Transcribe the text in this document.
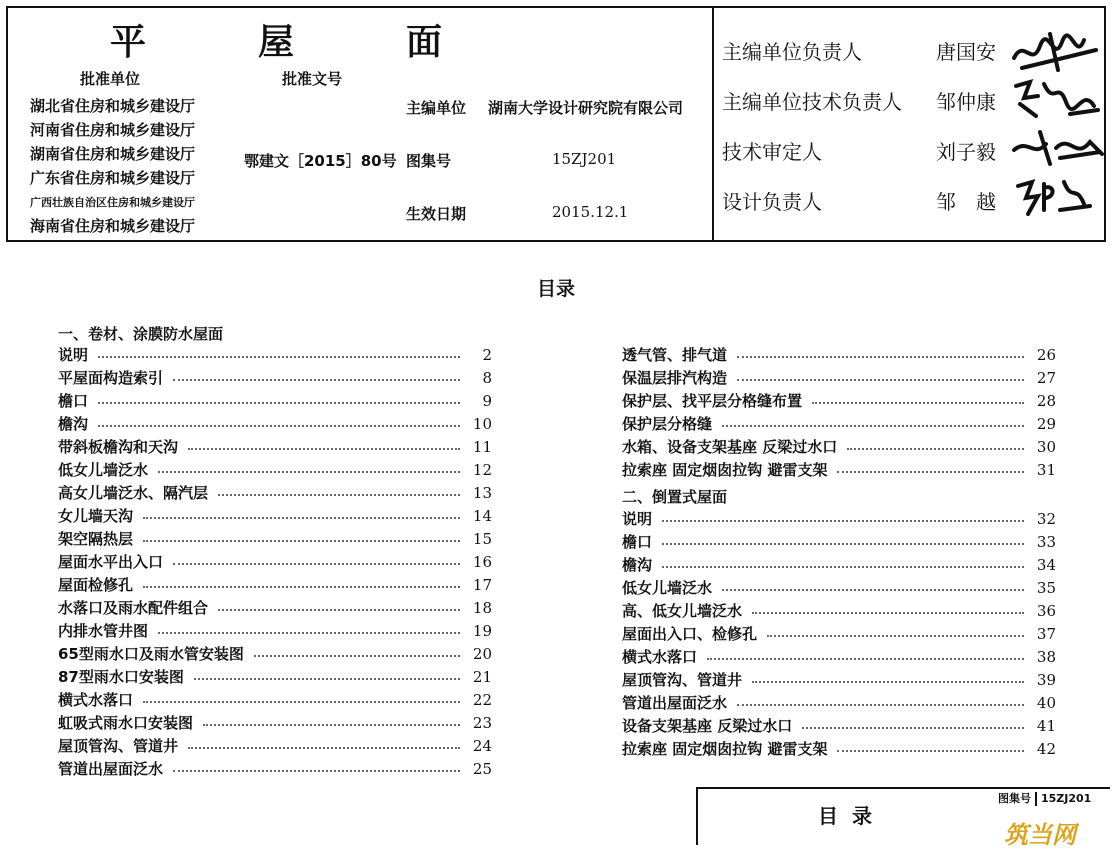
平	屋	面
批准单位	批准文号
湖北省住房和城乡建设厅
河南省住房和城乡建设厅
湖南省住房和城乡建设厅
广东省住房和城乡建设厅
广西壮族自治区住房和城乡建设厅
海南省住房和城乡建设厅
鄂建文［2015］80号
主编单位 湖南大学设计研究院有限公司
图集号	15ZJ201
生效日期	2015.12.1
主编单位负责人	唐国安
主编单位技术负责人 邹仲康
技术审定人	刘子毅
设计负责人	邹　越
目录
一、卷材、涂膜防水屋面
说明	2
平屋面构造索引	8
檐口	9
檐沟	10
带斜板檐沟和天沟	11
低女儿墙泛水	12
高女儿墙泛水、隔汽层	13
女儿墙天沟	14
架空隔热层	15
屋面水平出入口	16
屋面检修孔	17
水落口及雨水配件组合	18
内排水管井图	19
65型雨水口及雨水管安装图	20
87型雨水口安装图	21
横式水落口	22
虹吸式雨水口安装图	23
屋顶管沟、管道井	24
管道出屋面泛水	25
透气管、排气道	26
保温层排汽构造	27
保护层、找平层分格缝布置	28
保护层分格缝	29
水箱、设备支架基座 反梁过水口	30
拉索座 固定烟囱拉钩 避雷支架	31
二、倒置式屋面
说明	32
檐口	33
檐沟	34
低女儿墙泛水	35
高、低女儿墙泛水	36
屋面出入口、检修孔	37
横式水落口	38
屋顶管沟、管道井	39
管道出屋面泛水	40
设备支架基座 反梁过水口	41
拉索座 固定烟囱拉钩 避雷支架	42
目录
图集号 15ZJ201
筑当网
